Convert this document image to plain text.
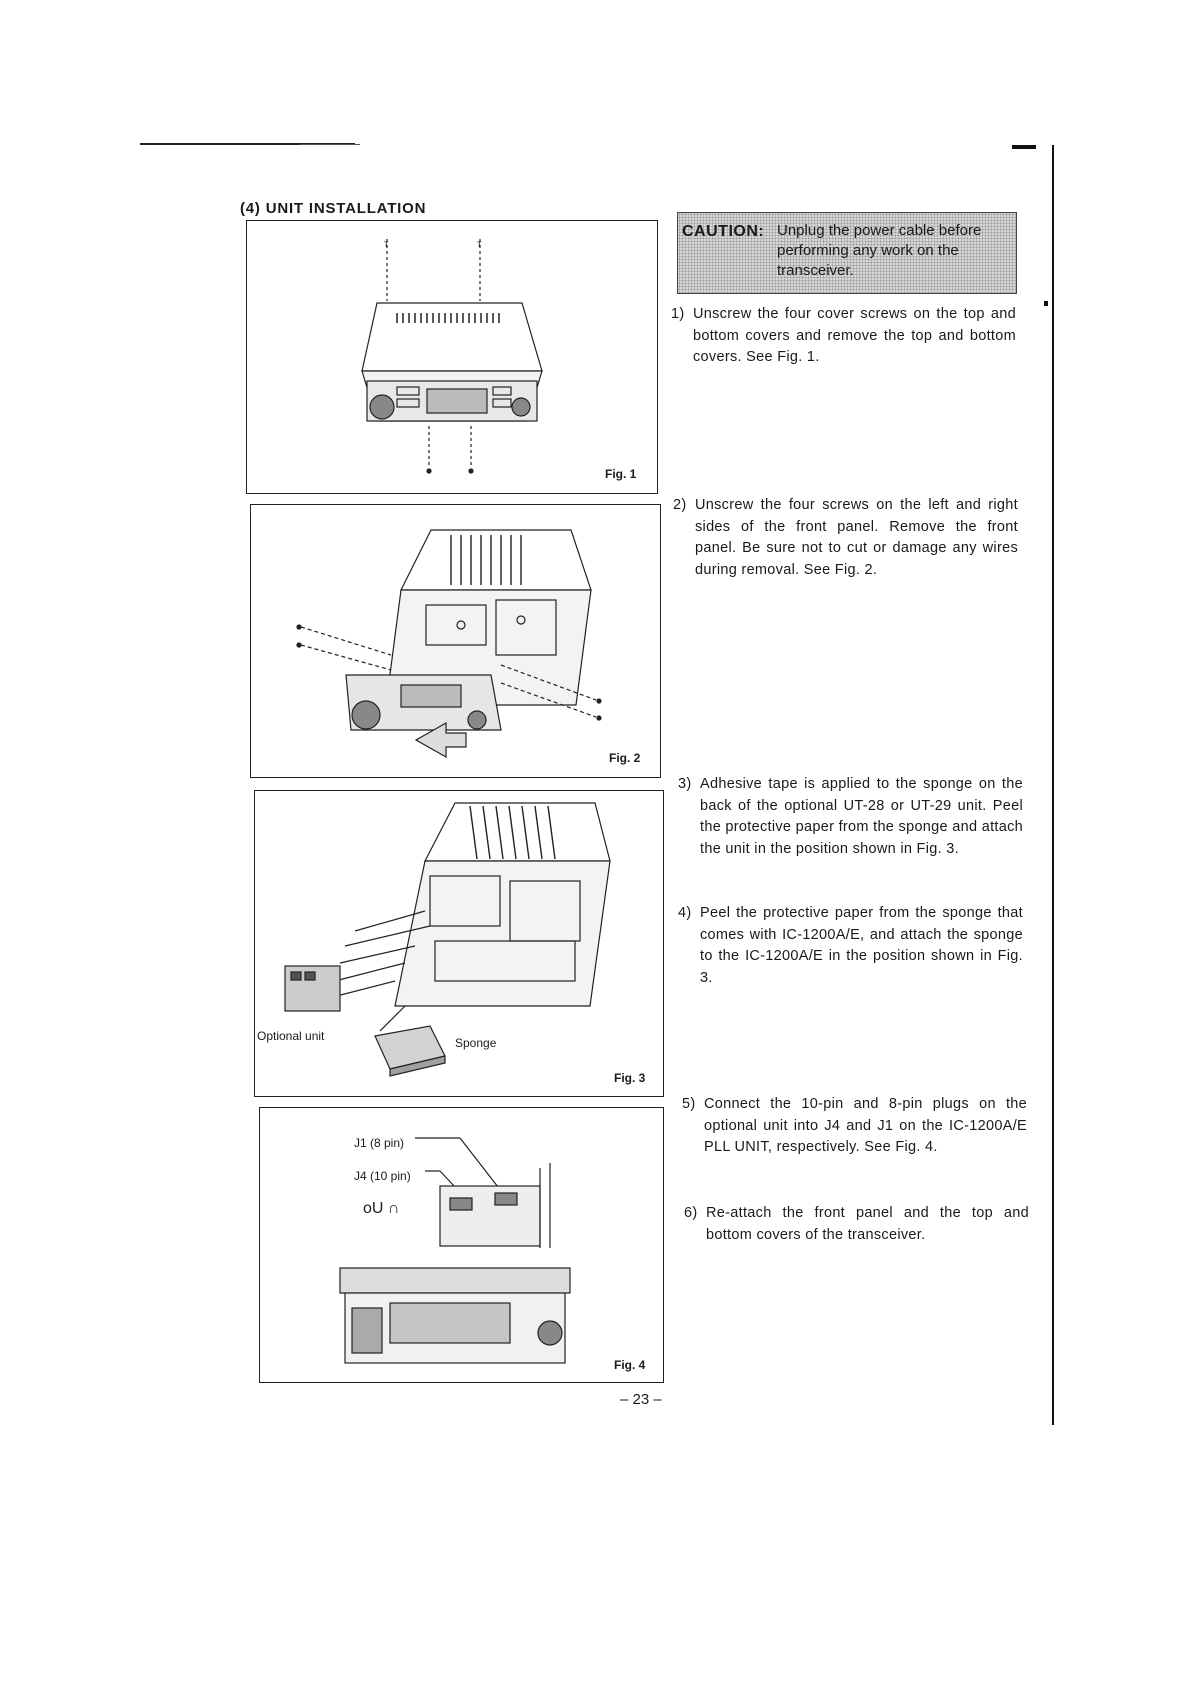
(4) UNIT INSTALLATION
т	т
Fig. 1
Fig. 2
Optional unit	Sponge
Fig. 3
oU ∩
J1 (8 pin)
J4 (10 pin)
Fig. 4
CAUTION: Unplug the power cable before performing any work on the transceiver.
1) Unscrew the four cover screws on the top and bottom covers and remove the top and bottom covers. See Fig. 1.
2) Unscrew the four screws on the left and right sides of the front panel. Remove the front panel. Be sure not to cut or damage any wires during removal. See Fig. 2.
3) Adhesive tape is applied to the sponge on the back of the optional UT-28 or UT-29 unit. Peel the protective paper from the sponge and attach the unit in the position shown in Fig. 3.
4) Peel the protective paper from the sponge that comes with IC-1200A/E, and attach the sponge to the IC-1200A/E in the position shown in Fig. 3.
5) Connect the 10-pin and 8-pin plugs on the optional unit into J4 and J1 on the IC-1200A/E PLL UNIT, respectively. See Fig. 4.
6) Re-attach the front panel and the top and bottom covers of the transceiver.
– 23 –
